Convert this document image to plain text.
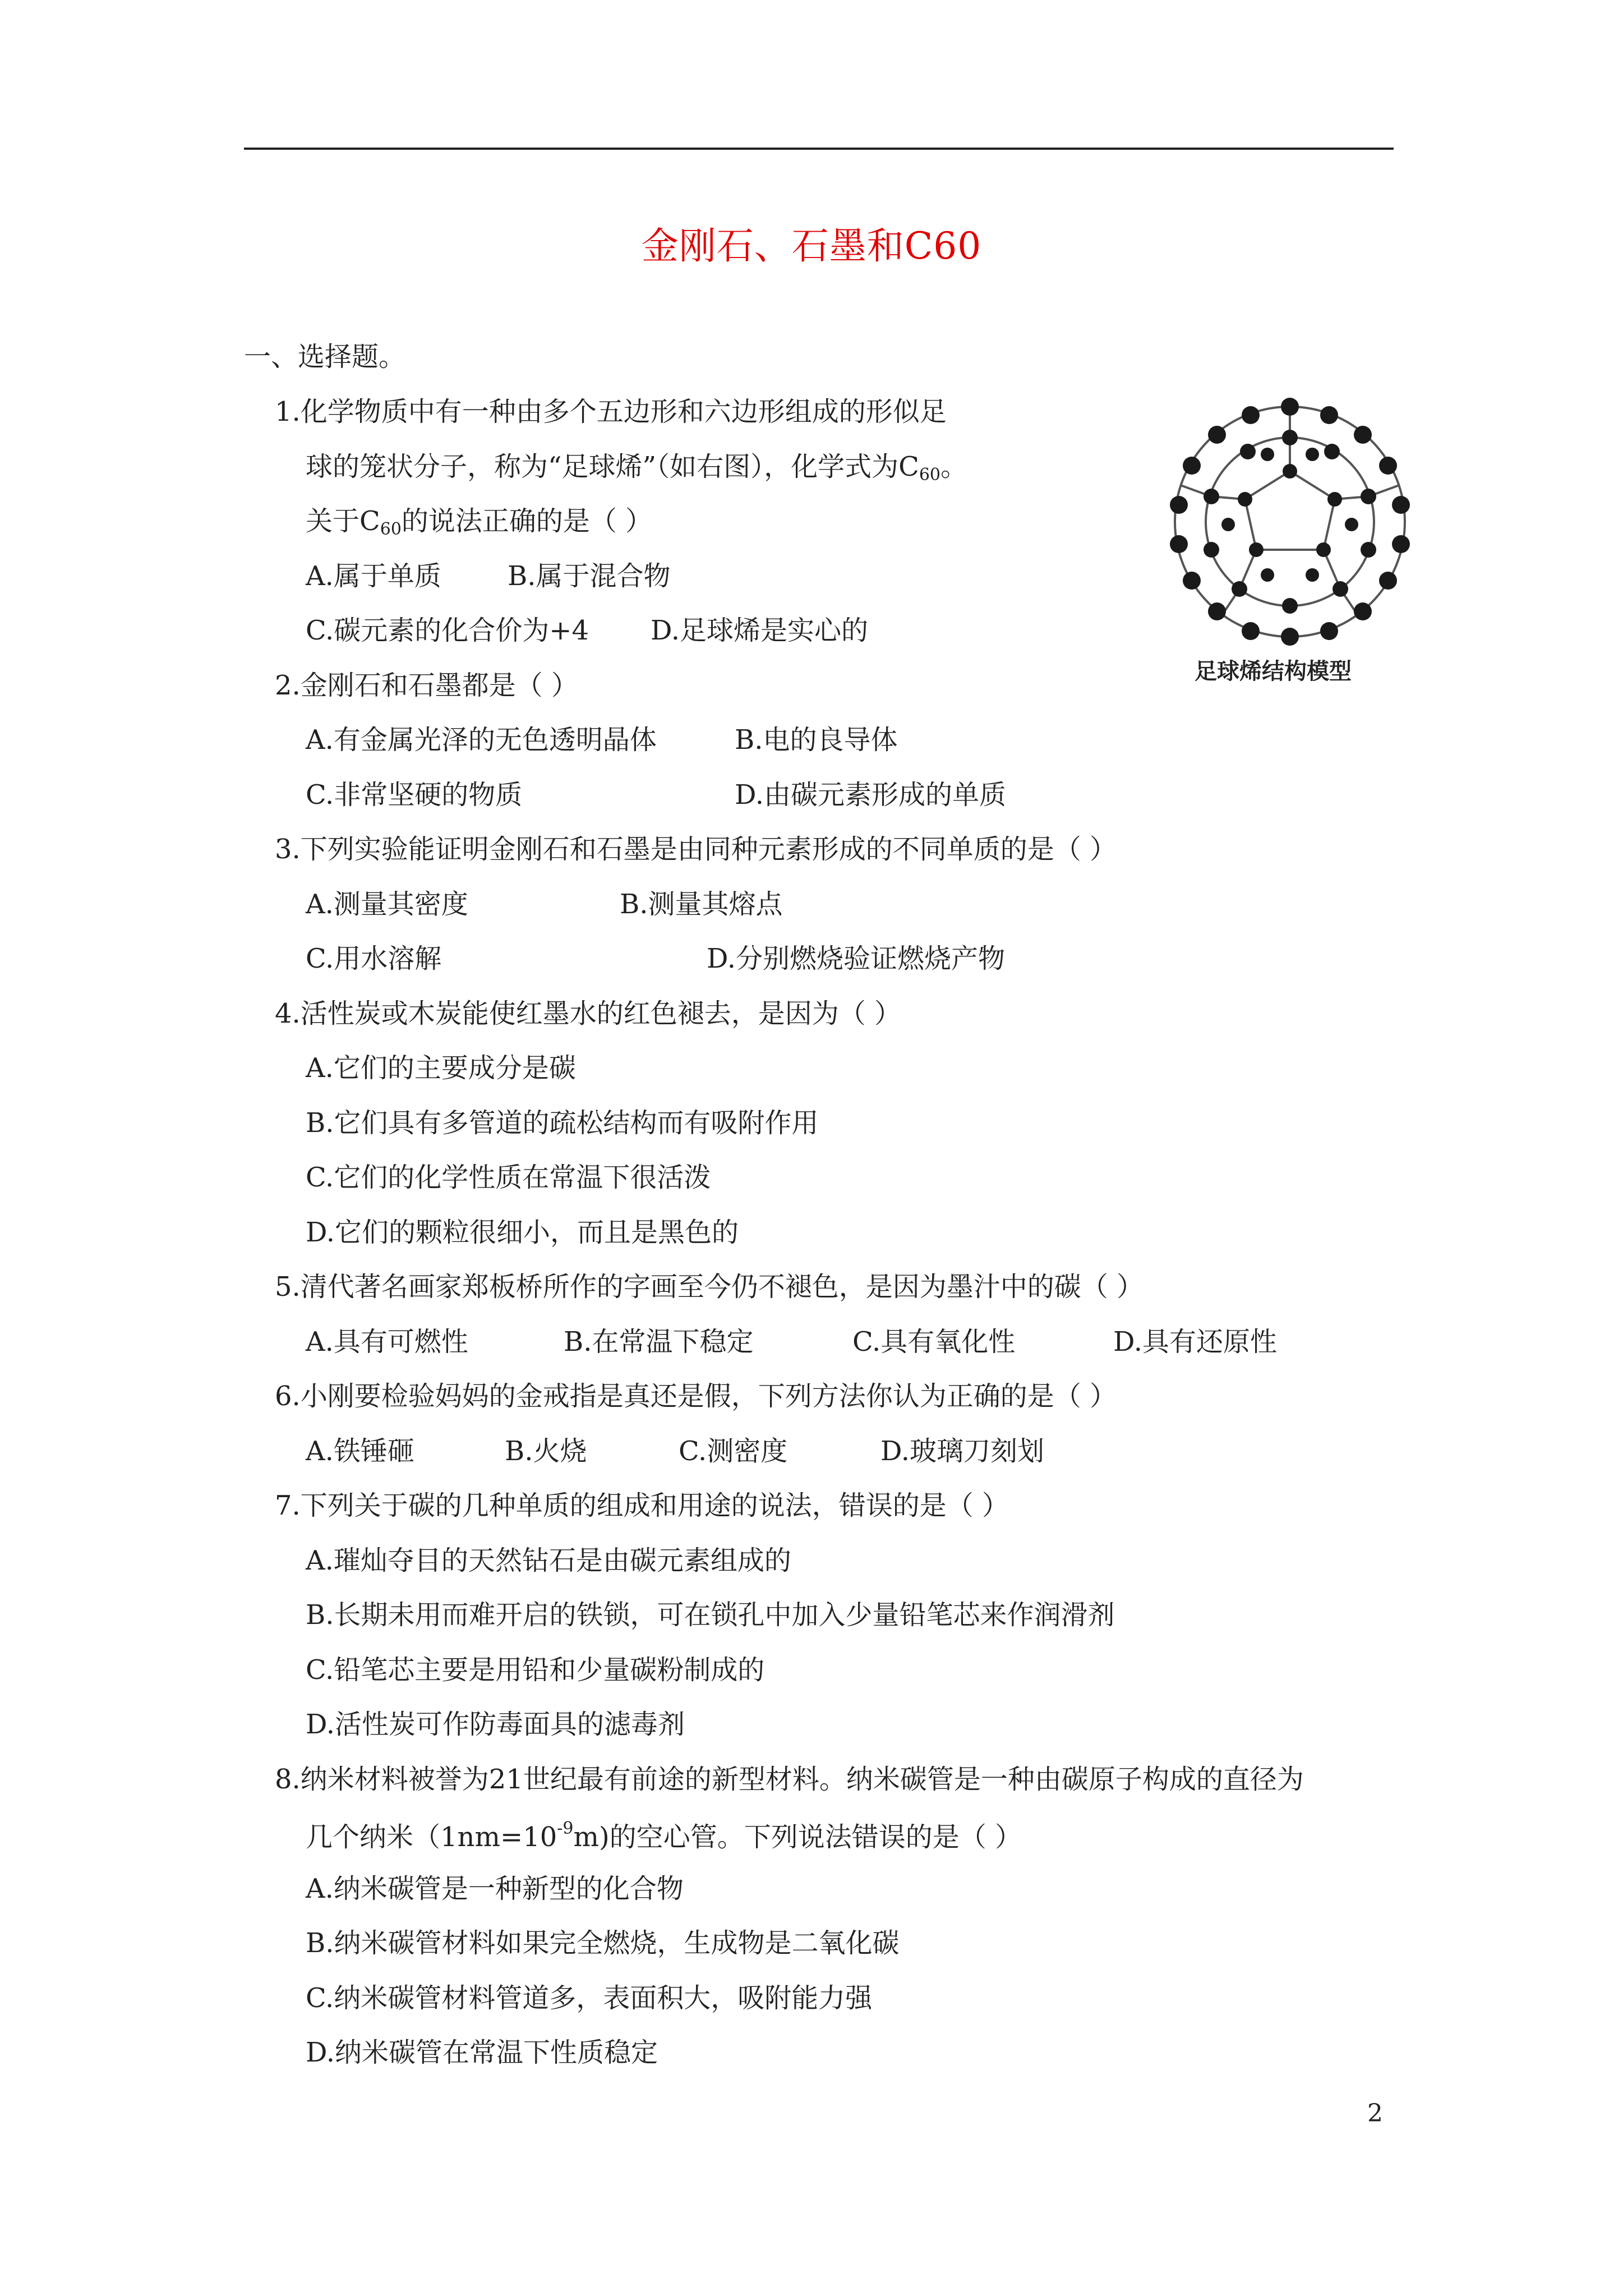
金刚石、石墨和C60
一、选择题。
1.化学物质中有一种由多个五边形和六边形组成的形似足
球的笼状分子，称为“足球烯”（如右图），化学式为$C_{60}$。
关于$C_{60}$的说法正确的是（ ）
A.属于单质 B.属于混合物
C.碳元素的化合价为+4 D.足球烯是实心的
足球烯结构模型
2.金刚石和石墨都是（ ）
A.有金属光泽的无色透明晶体	B.电的良导体
C.非常坚硬的物质	D.由碳元素形成的单质
3.下列实验能证明金刚石和石墨是由同种元素形成的不同单质的是（ ）
A.测量其密度	B.测量其熔点
C.用水溶解	D.分别燃烧验证燃烧产物
4.活性炭或木炭能使红墨水的红色褪去，是因为（ ）
A.它们的主要成分是碳
B.它们具有多管道的疏松结构而有吸附作用
C.它们的化学性质在常温下很活泼
D.它们的颗粒很细小，而且是黑色的
5.清代著名画家郑板桥所作的字画至今仍不褪色，是因为墨汁中的碳（ ）
A.具有可燃性	B.在常温下稳定	C.具有氧化性	D.具有还原性
6.小刚要检验妈妈的金戒指是真还是假，下列方法你认为正确的是（ ）
A.铁锤砸	B.火烧	C.测密度	D.玻璃刀刻划
7.下列关于碳的几种单质的组成和用途的说法，错误的是（ ）
A.璀灿夺目的天然钻石是由碳元素组成的
B.长期未用而难开启的铁锁，可在锁孔中加入少量铅笔芯来作润滑剂
C.铅笔芯主要是用铅和少量碳粉制成的
D.活性炭可作防毒面具的滤毒剂
8.纳米材料被誉为21世纪最有前途的新型材料。纳米碳管是一种由碳原子构成的直径为
几个纳米$(1nm=10^{-9}m)$的空心管。下列说法错误的是（ ）
A.纳米碳管是一种新型的化合物
B.纳米碳管材料如果完全燃烧，生成物是二氧化碳
C.纳米碳管材料管道多，表面积大，吸附能力强
D.纳米碳管在常温下性质稳定
2
